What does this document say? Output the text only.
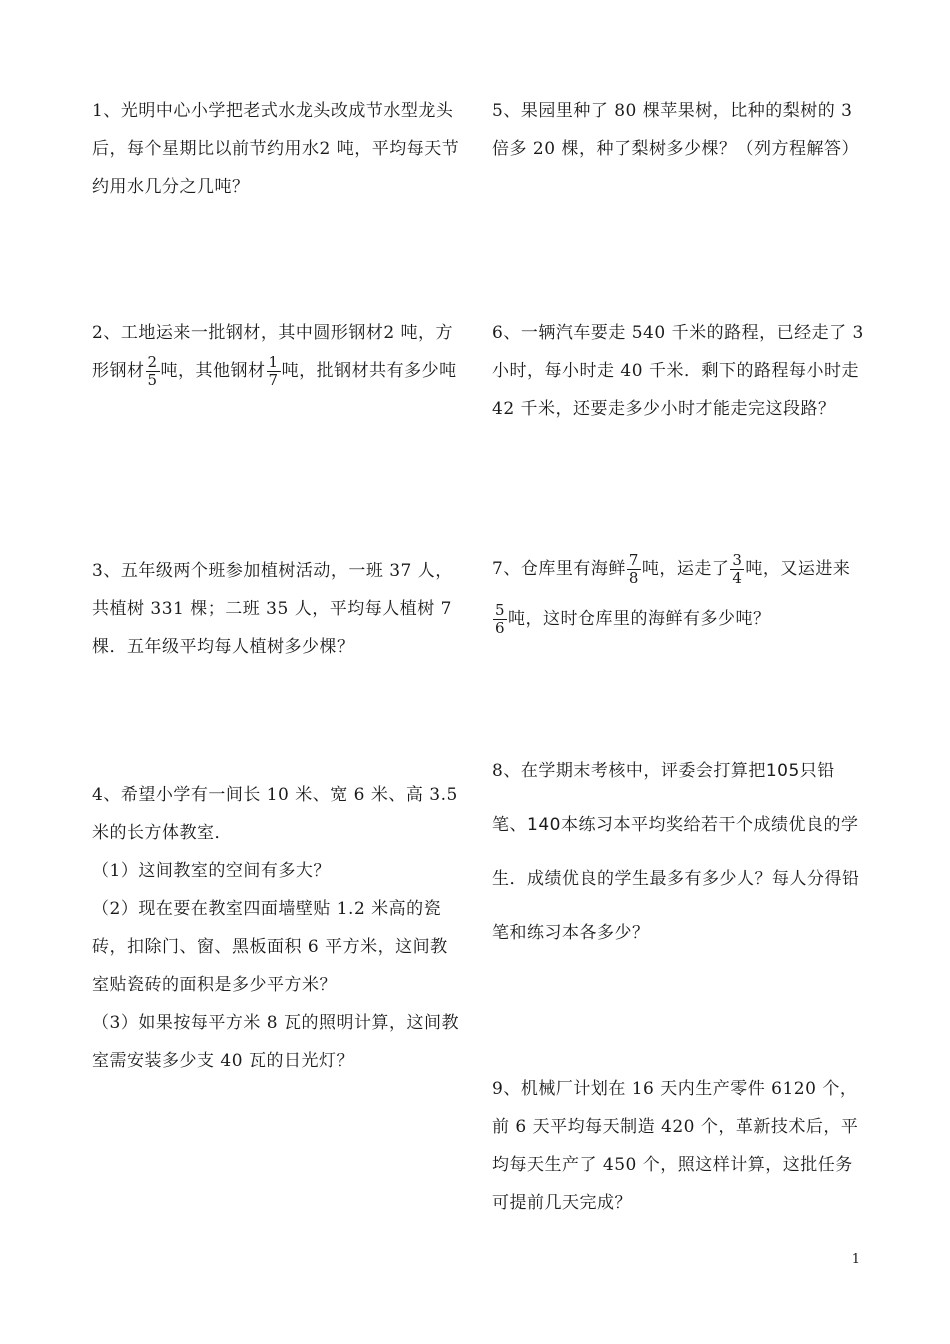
1、光明中心小学把老式水龙头改成节水型龙头后，每个星期比以前节约用水2 吨，平均每天节约用水几分之几吨？

2、工地运来一批钢材，其中圆形钢材2 吨，方形钢材 $\frac{2}{5}$ 吨，其他钢材 $\frac{1}{7}$ 吨，批钢材共有多少吨

3、五年级两个班参加植树活动，一班 37 人，共植树 331 棵；二班 35 人，平均每人植树 7 棵．五年级平均每人植树多少棵？

4、希望小学有一间长 10 米、宽 6 米、高 3.5 米的长方体教室．

（1）这间教室的空间有多大？

（2）现在要在教室四面墙壁贴 1.2 米高的瓷砖，扣除门、窗、黑板面积 6 平方米，这间教室贴瓷砖的面积是多少平方米？

（3）如果按每平方米 8 瓦的照明计算，这间教室需安装多少支 40 瓦的日光灯？

5、果园里种了 80 棵苹果树，比种的梨树的 3 倍多 20 棵，种了梨树多少棵？（列方程解答）

6、一辆汽车要走 540 千米的路程，已经走了 3 小时，每小时走 40 千米．剩下的路程每小时走 42 千米，还要走多少小时才能走完这段路？

7、仓库里有海鲜 $\frac{7}{8}$ 吨，运走了 $\frac{3}{4}$ 吨，又运进来
$\frac{5}{6}$ 吨，这时仓库里的海鲜有多少吨？

8、在学期末考核中，评委会打算把105只铅笔、140本练习本平均奖给若干个成绩优良的学生．成绩优良的学生最多有多少人？每人分得铅笔和练习本各多少？

9、机械厂计划在 16 天内生产零件 6120 个，前 6 天平均每天制造 420 个，革新技术后，平均每天生产了 450 个，照这样计算，这批任务可提前几天完成？

1
